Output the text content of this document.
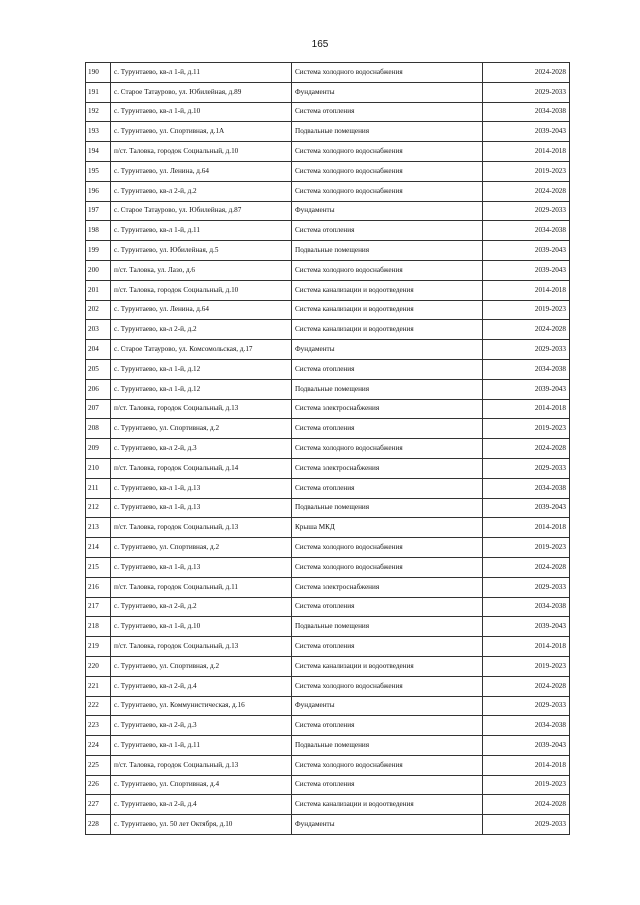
165
190	с. Турунтаево, кв-л 1-й, д.11	Система холодного водоснабжения	2024-2028
191	с. Старое Татаурово, ул. Юбилейная, д.89	Фундаменты	2029-2033
192	с. Турунтаево, кв-л 1-й, д.10	Система отопления	2034-2038
193	с. Турунтаево, ул. Спортивная, д.1А	Подвальные помещения	2039-2043
194	п/ст. Таловка, городок Социальный, д.10	Система холодного водоснабжения	2014-2018
195	с. Турунтаево, ул. Ленина, д.64	Система холодного водоснабжения	2019-2023
196	с. Турунтаево, кв-л 2-й, д.2	Система холодного водоснабжения	2024-2028
197	с. Старое Татаурово, ул. Юбилейная, д.87	Фундаменты	2029-2033
198	с. Турунтаево, кв-л 1-й, д.11	Система отопления	2034-2038
199	с. Турунтаево, ул. Юбилейная, д.5	Подвальные помещения	2039-2043
200	п/ст. Таловка, ул. Лазо, д.6	Система холодного водоснабжения	2039-2043
201	п/ст. Таловка, городок Социальный, д.10	Система канализации и водоотведения	2014-2018
202	с. Турунтаево, ул. Ленина, д.64	Система канализации и водоотведения	2019-2023
203	с. Турунтаево, кв-л 2-й, д.2	Система канализации и водоотведения	2024-2028
204	с. Старое Татаурово, ул. Комсомольская, д.17	Фундаменты	2029-2033
205	с. Турунтаево, кв-л 1-й, д.12	Система отопления	2034-2038
206	с. Турунтаево, кв-л 1-й, д.12	Подвальные помещения	2039-2043
207	п/ст. Таловка, городок Социальный, д.13	Система электроснабжения	2014-2018
208	с. Турунтаево, ул. Спортивная, д.2	Система отопления	2019-2023
209	с. Турунтаево, кв-л 2-й, д.3	Система холодного водоснабжения	2024-2028
210	п/ст. Таловка, городок Социальный, д.14	Система электроснабжения	2029-2033
211	с. Турунтаево, кв-л 1-й, д.13	Система отопления	2034-2038
212	с. Турунтаево, кв-л 1-й, д.13	Подвальные помещения	2039-2043
213	п/ст. Таловка, городок Социальный, д.13	Крыша МКД	2014-2018
214	с. Турунтаево, ул. Спортивная, д.2	Система холодного водоснабжения	2019-2023
215	с. Турунтаево, кв-л 1-й, д.13	Система холодного водоснабжения	2024-2028
216	п/ст. Таловка, городок Социальный, д.11	Система электроснабжения	2029-2033
217	с. Турунтаево, кв-л 2-й, д.2	Система отопления	2034-2038
218	с. Турунтаево, кв-л 1-й, д.10	Подвальные помещения	2039-2043
219	п/ст. Таловка, городок Социальный, д.13	Система отопления	2014-2018
220	с. Турунтаево, ул. Спортивная, д.2	Система канализации и водоотведения	2019-2023
221	с. Турунтаево, кв-л 2-й, д.4	Система холодного водоснабжения	2024-2028
222	с. Турунтаево, ул. Коммунистическая, д.16	Фундаменты	2029-2033
223	с. Турунтаево, кв-л 2-й, д.3	Система отопления	2034-2038
224	с. Турунтаево, кв-л 1-й, д.11	Подвальные помещения	2039-2043
225	п/ст. Таловка, городок Социальный, д.13	Система холодного водоснабжения	2014-2018
226	с. Турунтаево, ул. Спортивная, д.4	Система отопления	2019-2023
227	с. Турунтаево, кв-л 2-й, д.4	Система канализации и водоотведения	2024-2028
228	с. Турунтаево, ул. 50 лет Октября, д.10	Фундаменты	2029-2033
